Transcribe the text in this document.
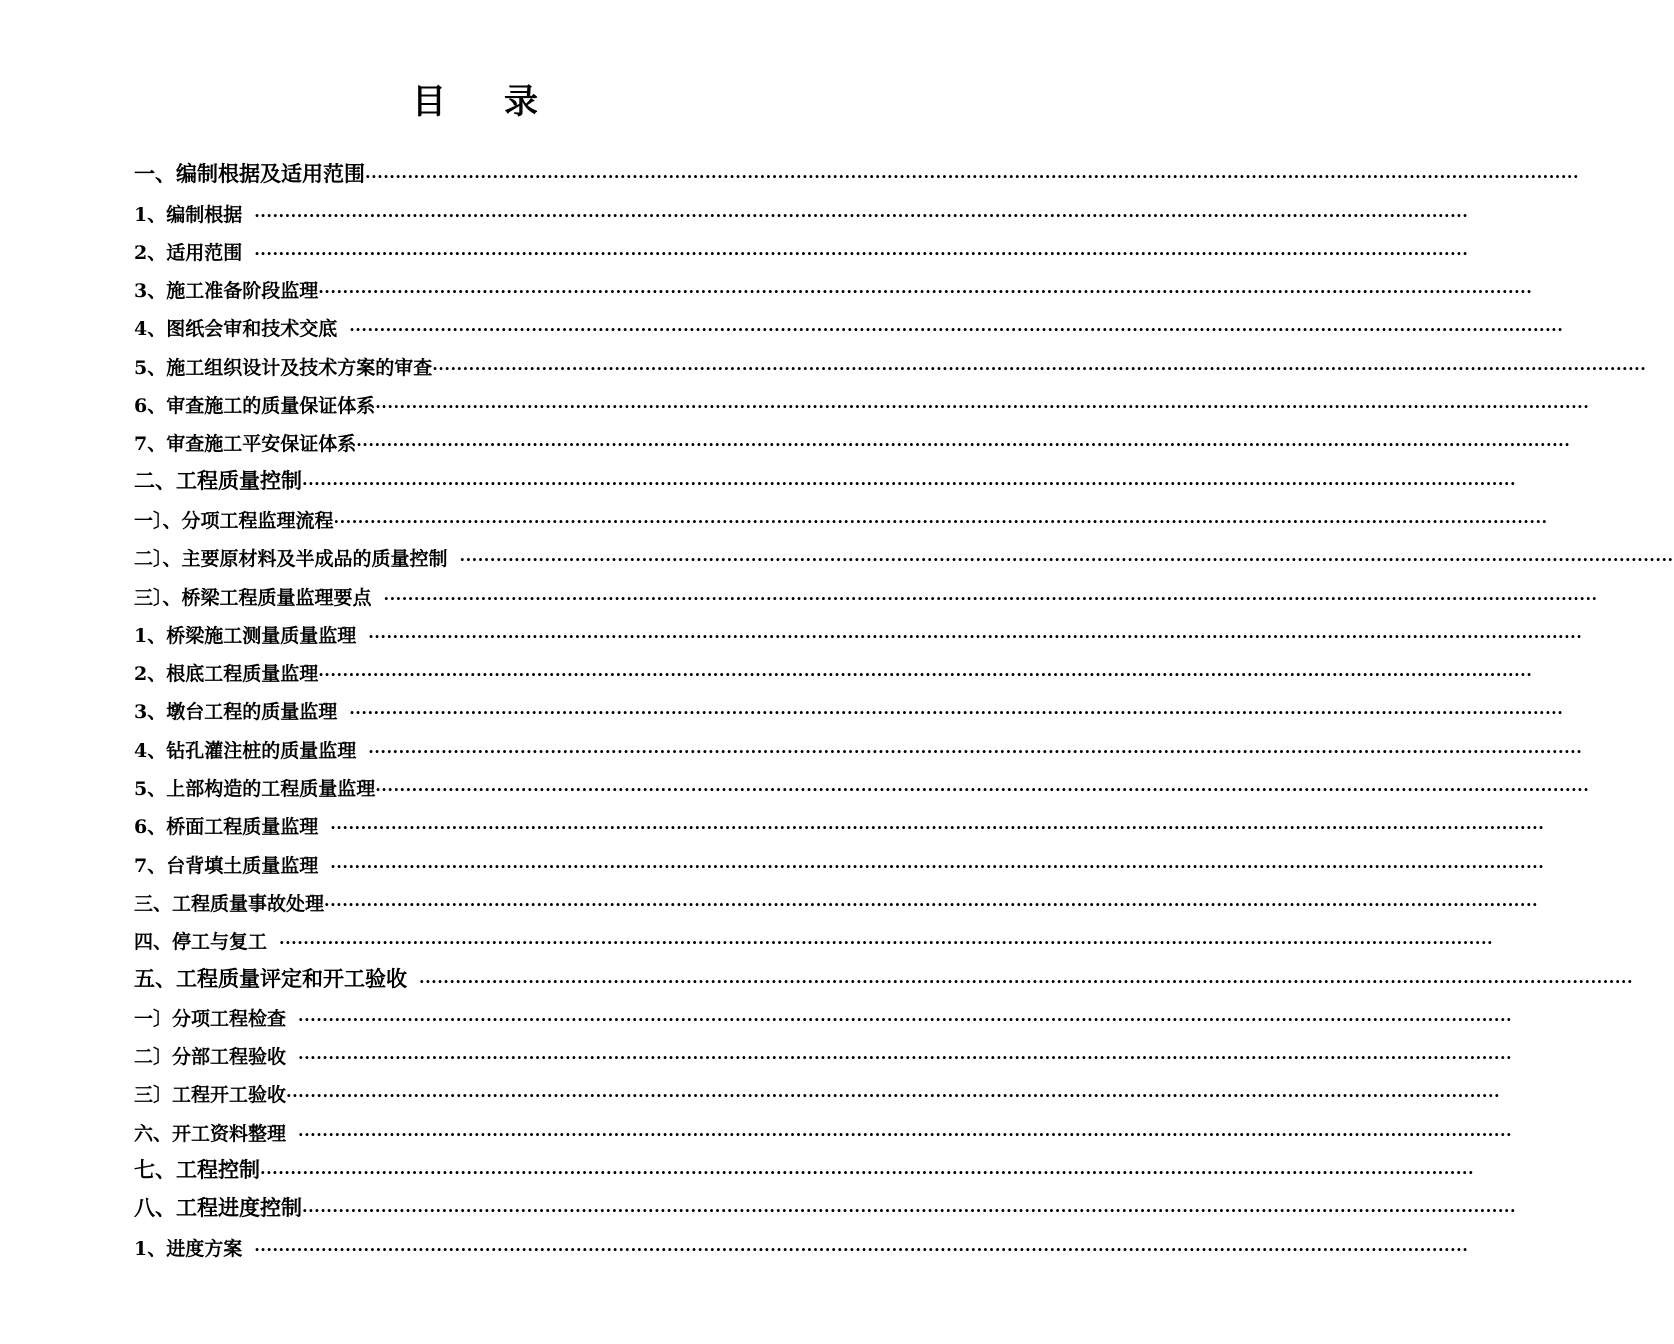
目 录
一、编制根据及适用范围 ········································································································································································································
1、编制根据 ········································································································································································································
2、适用范围 ········································································································································································································
3、施工准备阶段监理 ········································································································································································································
4、图纸会审和技术交底 ········································································································································································································
5、施工组织设计及技术方案的审查 ········································································································································································································
6、审查施工的质量保证体系 ········································································································································································································
7、审查施工平安保证体系 ········································································································································································································
二、工程质量控制 ········································································································································································································
一〕、分项工程监理流程 ········································································································································································································
二〕、主要原材料及半成品的质量控制 ········································································································································································································
三〕、桥梁工程质量监理要点 ········································································································································································································
1、桥梁施工测量质量监理 ········································································································································································································
2、根底工程质量监理 ········································································································································································································
3、墩台工程的质量监理 ········································································································································································································
4、钻孔灌注桩的质量监理 ········································································································································································································
5、上部构造的工程质量监理 ········································································································································································································
6、桥面工程质量监理 ········································································································································································································
7、台背填土质量监理 ········································································································································································································
三、工程质量事故处理 ········································································································································································································
四、停工与复工 ········································································································································································································
五、工程质量评定和开工验收 ········································································································································································································
一〕分项工程检查 ········································································································································································································
二〕分部工程验收 ········································································································································································································
三〕工程开工验收 ········································································································································································································
六、开工资料整理 ········································································································································································································
七、工程控制 ········································································································································································································
八、工程进度控制 ········································································································································································································
1、进度方案 ········································································································································································································
